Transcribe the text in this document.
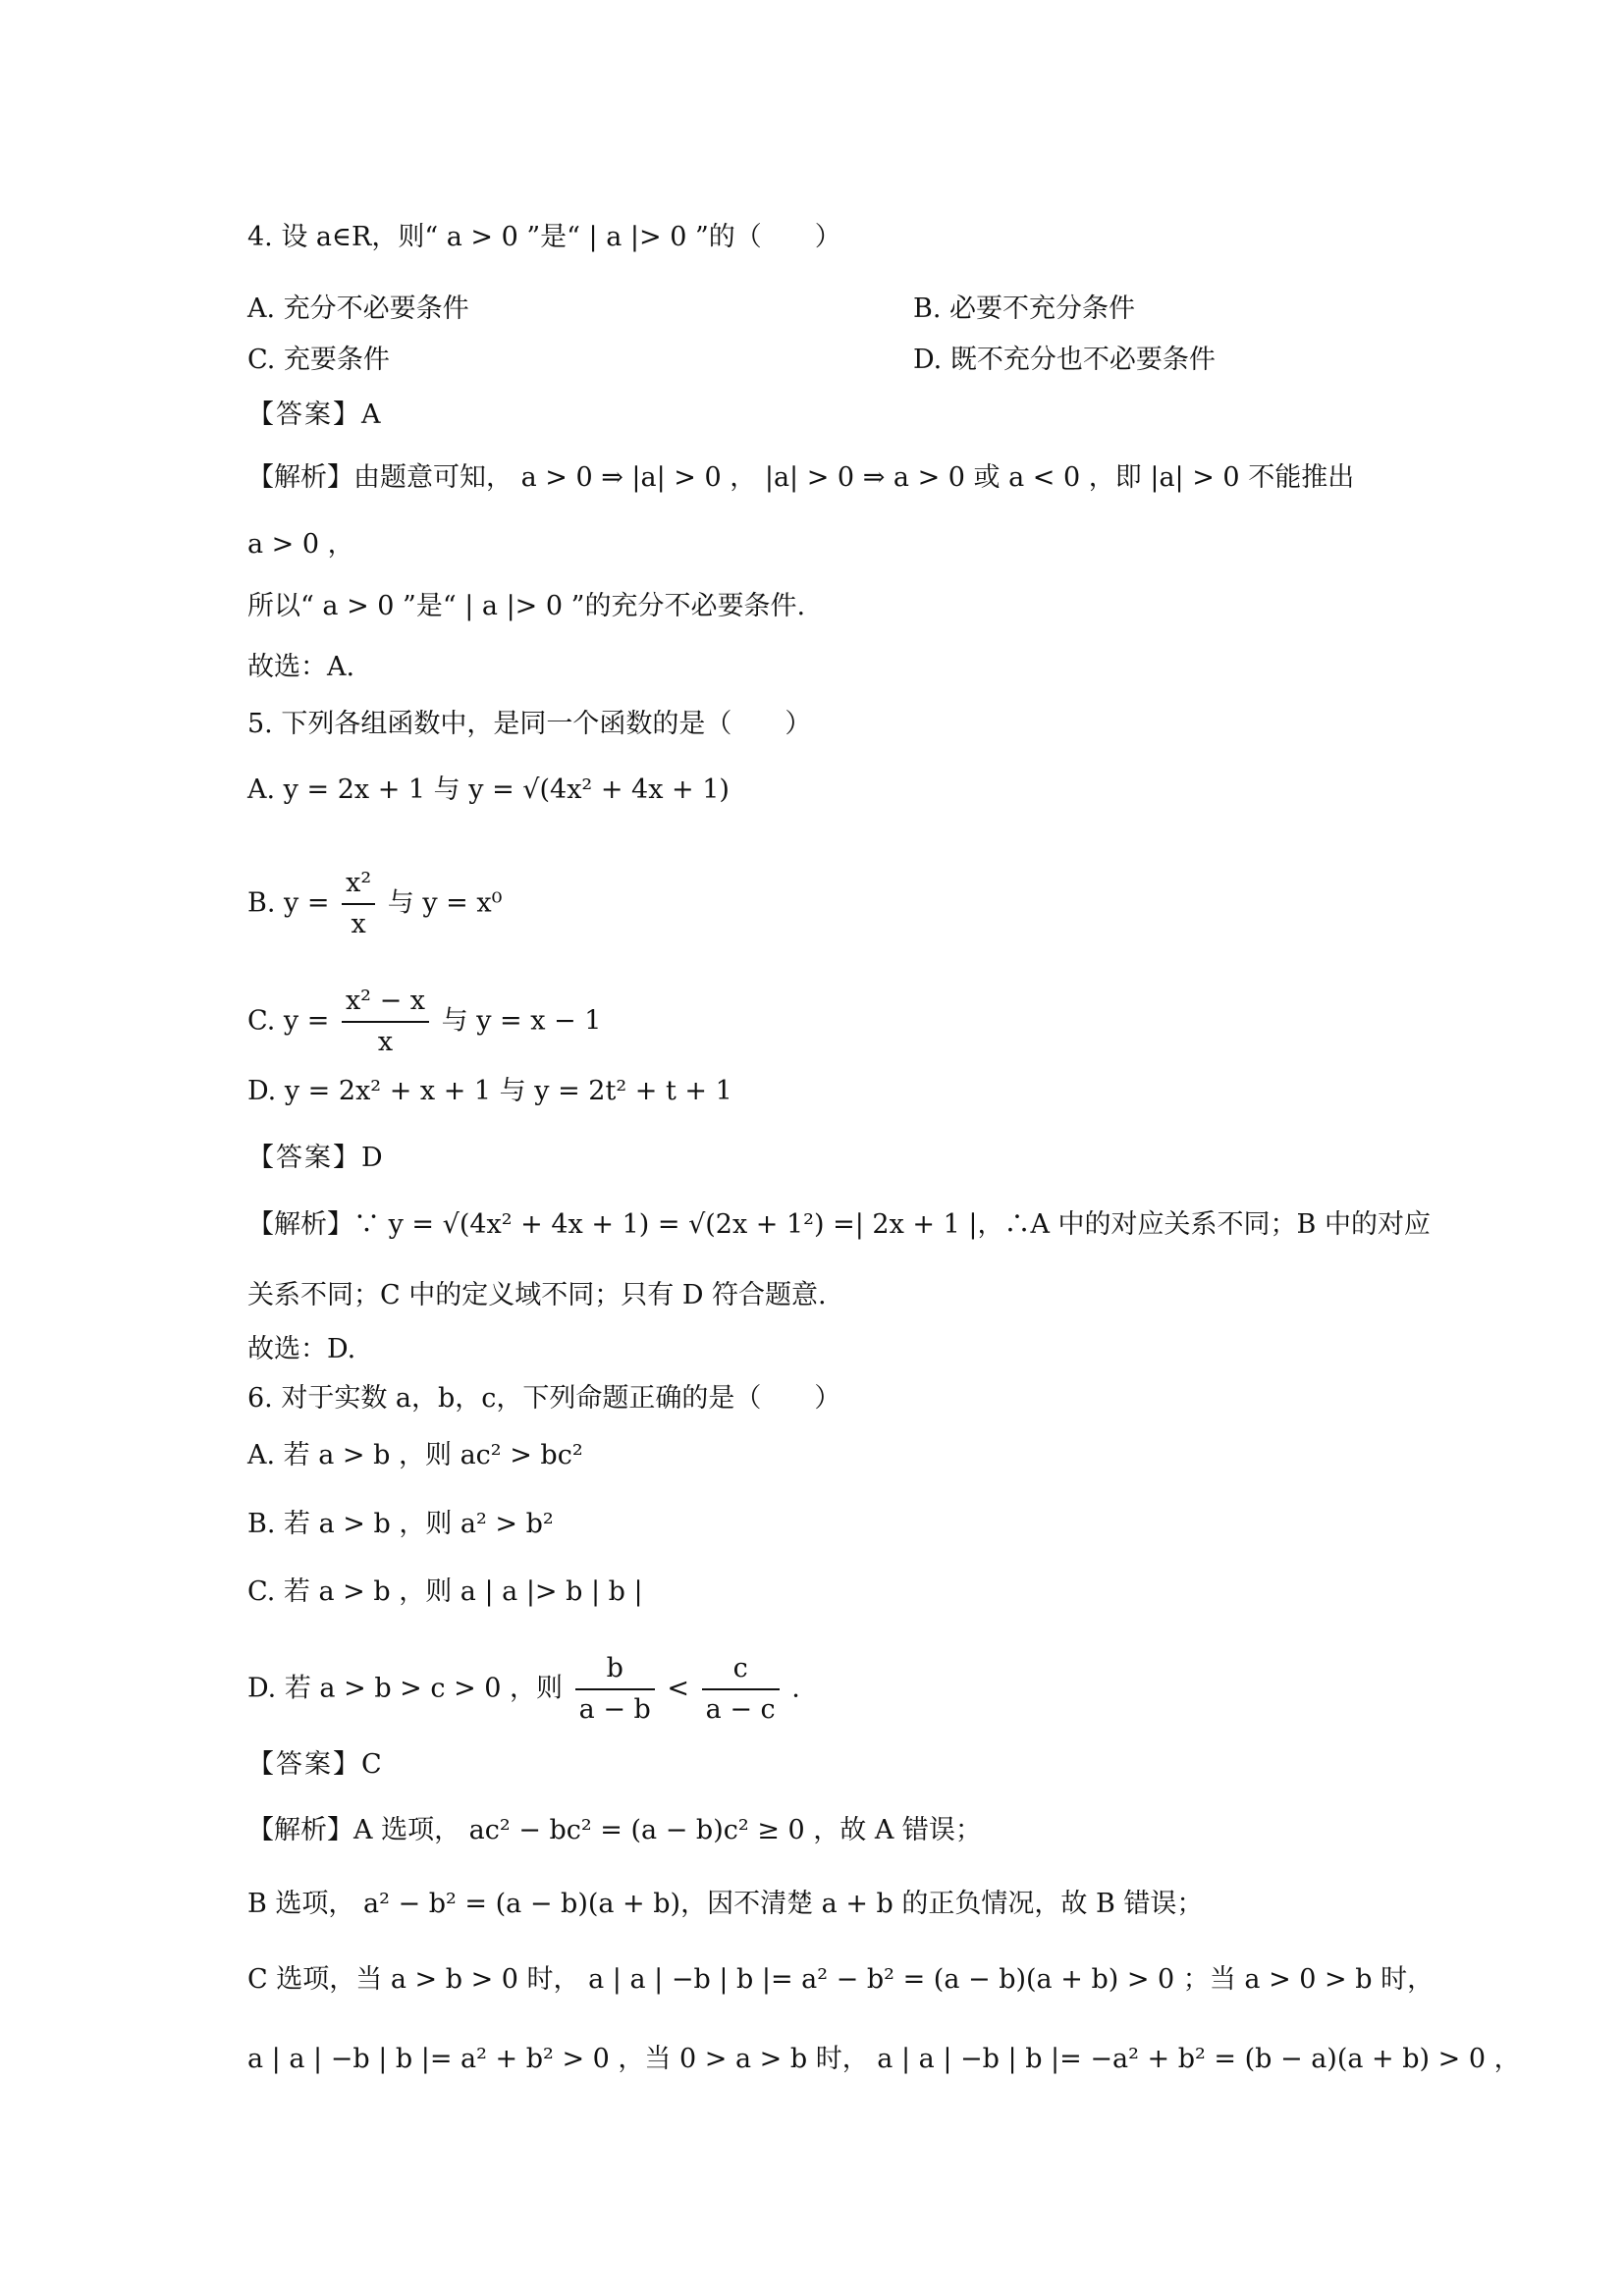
4. 设 a∈R，则“ a > 0 ”是“ | a |> 0 ”的（　　）
A. 充分不必要条件	B. 必要不充分条件
C. 充要条件	D. 既不充分也不必要条件
【答案】A
【解析】由题意可知， a > 0 ⇒ |a| > 0 ， |a| > 0 ⇒ a > 0 或 a < 0 ，即 |a| > 0 不能推出
a > 0 ，
所以“ a > 0 ”是“ | a |> 0 ”的充分不必要条件.
故选：A.
5. 下列各组函数中，是同一个函数的是（　　）
A. y = 2x + 1 与 y = √(4x² + 4x + 1)
B. $y = \frac{\text{x²}}{x}$ 与 y = x⁰
C. $y = \frac{\text{x² − x}}{x}$ 与 y = x − 1
D. y = 2x² + x + 1 与 y = 2t² + t + 1
【答案】D
【解析】∵ y = √(4x² + 4x + 1) = √(2x + 1²) =| 2x + 1 |，∴A 中的对应关系不同；B 中的对应
关系不同；C 中的定义域不同；只有 D 符合题意.
故选：D.
6. 对于实数 a，b，c，下列命题正确的是（　　）
A. 若 a > b ，则 ac² > bc²
B. 若 a > b ，则 a² > b²
C. 若 a > b ，则 a | a |> b | b |
D. 若 a > b > c > 0 ，则 $\frac{b}{a - b} < \frac{c}{a - c}$ .
【答案】C
【解析】A 选项， ac² − bc² = (a − b)c² ≥ 0 ，故 A 错误；
B 选项， a² − b² = (a − b)(a + b)，因不清楚 a + b 的正负情况，故 B 错误；
C 选项，当 a > b > 0 时， a | a | −b | b |= a² − b² = (a − b)(a + b) > 0 ；当 a > 0 > b 时，
a | a | −b | b |= a² + b² > 0 ，当 0 > a > b 时， a | a | −b | b |= −a² + b² = (b − a)(a + b) > 0 ，
